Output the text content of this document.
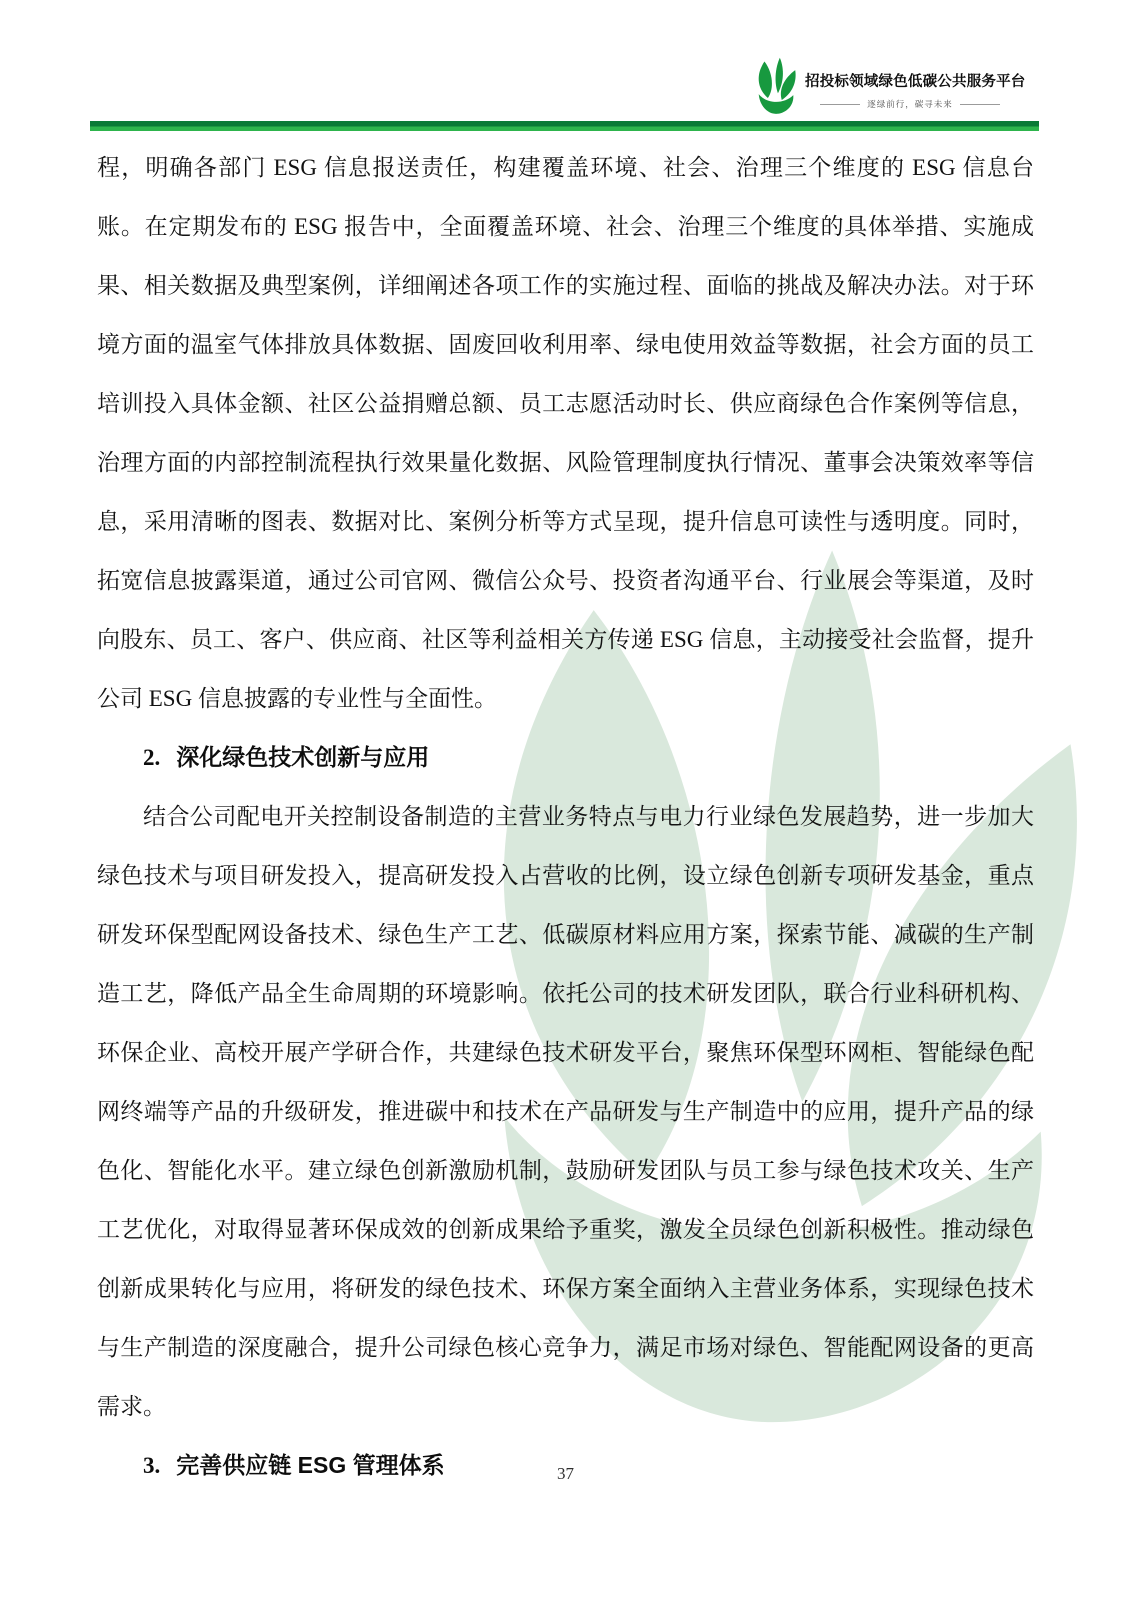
招投标领域绿色低碳公共服务平台
逐绿前行，碳寻未来

程，明确各部门 ESG 信息报送责任，构建覆盖环境、社会、治理三个维度的 ESG 信息台账。在定期发布的 ESG 报告中，全面覆盖环境、社会、治理三个维度的具体举措、实施成果、相关数据及典型案例，详细阐述各项工作的实施过程、面临的挑战及解决办法。对于环境方面的温室气体排放具体数据、固废回收利用率、绿电使用效益等数据，社会方面的员工培训投入具体金额、社区公益捐赠总额、员工志愿活动时长、供应商绿色合作案例等信息，治理方面的内部控制流程执行效果量化数据、风险管理制度执行情况、董事会决策效率等信息，采用清晰的图表、数据对比、案例分析等方式呈现，提升信息可读性与透明度。同时，拓宽信息披露渠道，通过公司官网、微信公众号、投资者沟通平台、行业展会等渠道，及时向股东、员工、客户、供应商、社区等利益相关方传递 ESG 信息，主动接受社会监督，提升公司 ESG 信息披露的专业性与全面性。

2. 深化绿色技术创新与应用

结合公司配电开关控制设备制造的主营业务特点与电力行业绿色发展趋势，进一步加大绿色技术与项目研发投入，提高研发投入占营收的比例，设立绿色创新专项研发基金，重点研发环保型配网设备技术、绿色生产工艺、低碳原材料应用方案，探索节能、减碳的生产制造工艺，降低产品全生命周期的环境影响。依托公司的技术研发团队，联合行业科研机构、环保企业、高校开展产学研合作，共建绿色技术研发平台，聚焦环保型环网柜、智能绿色配网终端等产品的升级研发，推进碳中和技术在产品研发与生产制造中的应用，提升产品的绿色化、智能化水平。建立绿色创新激励机制，鼓励研发团队与员工参与绿色技术攻关、生产工艺优化，对取得显著环保成效的创新成果给予重奖，激发全员绿色创新积极性。推动绿色创新成果转化与应用，将研发的绿色技术、环保方案全面纳入主营业务体系，实现绿色技术与生产制造的深度融合，提升公司绿色核心竞争力，满足市场对绿色、智能配网设备的更高需求。

3. 完善供应链 ESG 管理体系	37
